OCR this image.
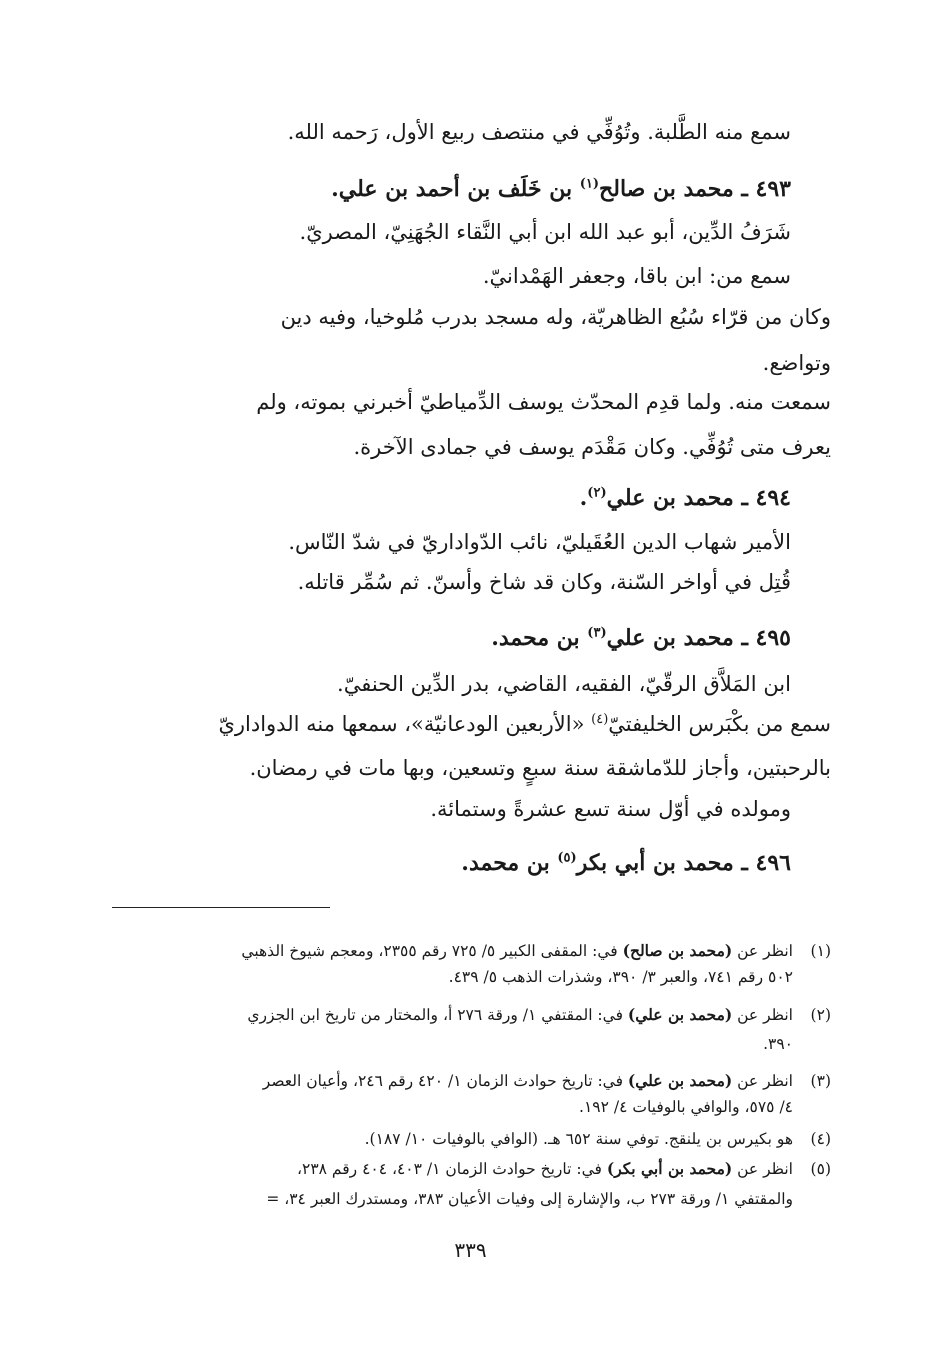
سمع منه الطَّلبة. وتُوُفِّي في منتصف ربيع الأول، رَحمه الله.
٤٩٣ ـ محمد بن صالح$^{(١)}$ بن خَلَف بن أحمد بن علي.
شَرَفُ الدِّين، أبو عبد الله ابن أبي النَّقاء الجُهَنِيّ، المصريّ.
سمع من: ابن باقا، وجعفر الهَمْدانيّ.
وكان من قرّاء سُبُع الظاهريّة، وله مسجد بدرب مُلوخيا، وفيه دين
وتواضع.
سمعت منه. ولما قدِم المحدّث يوسف الدِّمياطيّ أخبرني بموته، ولم
يعرف متى تُوُفِّي. وكان مَقْدَم يوسف في جمادى الآخرة.
٤٩٤ ـ محمد بن علي$^{(٢)}$.
الأمير شهاب الدين العُقَيليّ، نائب الدّواداريّ في شدّ النّاس.
قُتِل في أواخر السّنة، وكان قد شاخ وأسنّ. ثم سُمِّر قاتله.
٤٩٥ ـ محمد بن علي$^{(٣)}$ بن محمد.
ابن المَلاَّق الرقّيّ، الفقيه، القاضي، بدر الدِّين الحنفيّ.
سمع من بكْبَرس الخليفتيّ$^{(٤)}$ «الأربعين الودعانيّة»، سمعها منه الدواداريّ
بالرحبتين، وأجاز للدّماشقة سنة سبعٍ وتسعين، وبها مات في رمضان.
ومولده في أوّل سنة تسع عشرةً وستمائة.
٤٩٦ ـ محمد بن أبي بكر$^{(٥)}$ بن محمد.
(١)انظر عن (محمد بن صالح) في: المقفى الكبير ٥/ ٧٢٥ رقم ٢٣٥٥، ومعجم شيوخ الذهبي
٥٠٢ رقم ٧٤١، والعبر ٣/ ٣٩٠، وشذرات الذهب ٥/ ٤٣٩.
(٢)انظر عن (محمد بن علي) في: المقتفي ١/ ورقة ٢٧٦ أ، والمختار من تاريخ ابن الجزري
٣٩٠.
(٣)انظر عن (محمد بن علي) في: تاريخ حوادث الزمان ١/ ٤٢٠ رقم ٢٤٦، وأعيان العصر
٤/ ٥٧٥، والوافي بالوفيات ٤/ ١٩٢.
(٤)هو بكيرس بن يلنقج. توفي سنة ٦٥٢ هـ. (الوافي بالوفيات ١٠/ ١٨٧).
(٥)انظر عن (محمد بن أبي بكر) في: تاريخ حوادث الزمان ١/ ٤٠٣، ٤٠٤ رقم ٢٣٨،
والمقتفي ١/ ورقة ٢٧٣ ب، والإشارة إلى وفيات الأعيان ٣٨٣، ومستدرك العبر ٣٤، =
٣٣٩
